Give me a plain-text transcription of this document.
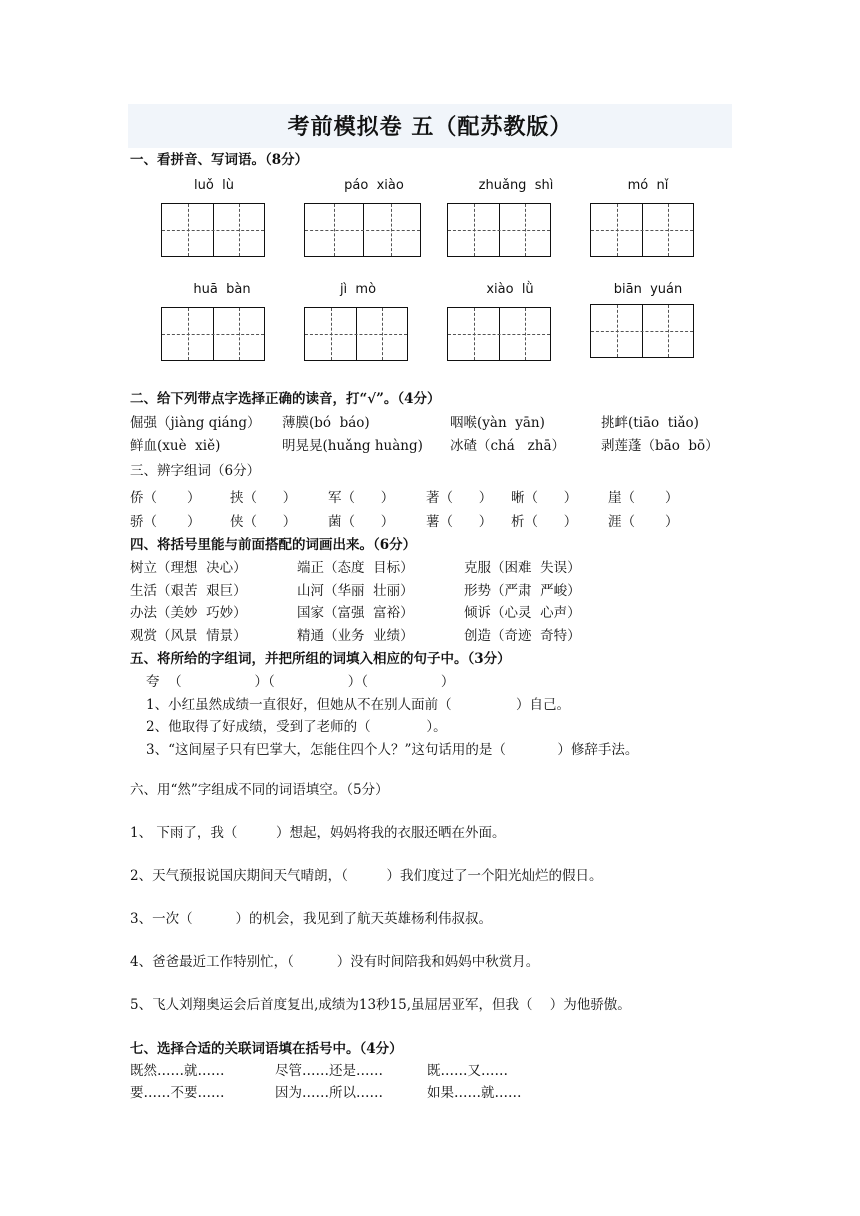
考前模拟卷 五（配苏教版）
一、看拼音、写词语。（8分）
luǒ  lù	páo  xiào	zhuǎng  shì	mó  nǐ
huā  bàn	jì  mò	xiào  lǜ	biān  yuán
二、给下列带点字选择正确的读音，打“√”。（4分）
倔强（jiàng qiáng） 薄膜(bó  báo)	咽喉(yàn  yān)	挑衅(tiāo  tiǎo)
鲜血(xuè  xiě)	明晃晃(huǎng huàng) 冰碴（chá   zhā）	剥莲蓬（bāo  bō）
三、辨字组词（6分）
侨（       ） 挟（      ） 军（      ） 著（      ） 晰（      ） 崖（       ）
骄（       ） 侠（      ） 菌（      ） 薯（      ） 析（      ） 涯（       ）
四、将括号里能与前面搭配的词画出来。（6分）
树立（理想  决心）	端正（态度  目标）	克服（困难  失误）
生活（艰苦  艰巨）	山河（华丽  壮丽）	形势（严肃  严峻）
办法（美妙  巧妙）	国家（富强  富裕）	倾诉（心灵  心声）
观赏（风景  情景）	精通（业务  业绩）	创造（奇迹  奇特）
五、将所给的字组词，并把所组的词填入相应的句子中。（3分）
夸  （                 ）（                 ）（                 ）
1、小红虽然成绩一直很好，但她从不在别人面前（               ）自己。
2、他取得了好成绩，受到了老师的（             ）。
3、“这间屋子只有巴掌大，怎能住四个人？”这句话用的是（            ）修辞手法。
六、用“然”字组成不同的词语填空。（5分）
1、 下雨了，我（         ）想起，妈妈将我的衣服还晒在外面。
2、天气预报说国庆期间天气晴朗，（         ）我们度过了一个阳光灿烂的假日。
3、一次（          ）的机会，我见到了航天英雄杨利伟叔叔。
4、爸爸最近工作特别忙，（          ）没有时间陪我和妈妈中秋赏月。
5、飞人刘翔奥运会后首度复出,成绩为13秒15,虽屈居亚军，但我（    ）为他骄傲。
七、选择合适的关联词语填在括号中。（4分）
既然……就……	尽管……还是……	既……又……
要……不要……	因为……所以……	如果……就……
